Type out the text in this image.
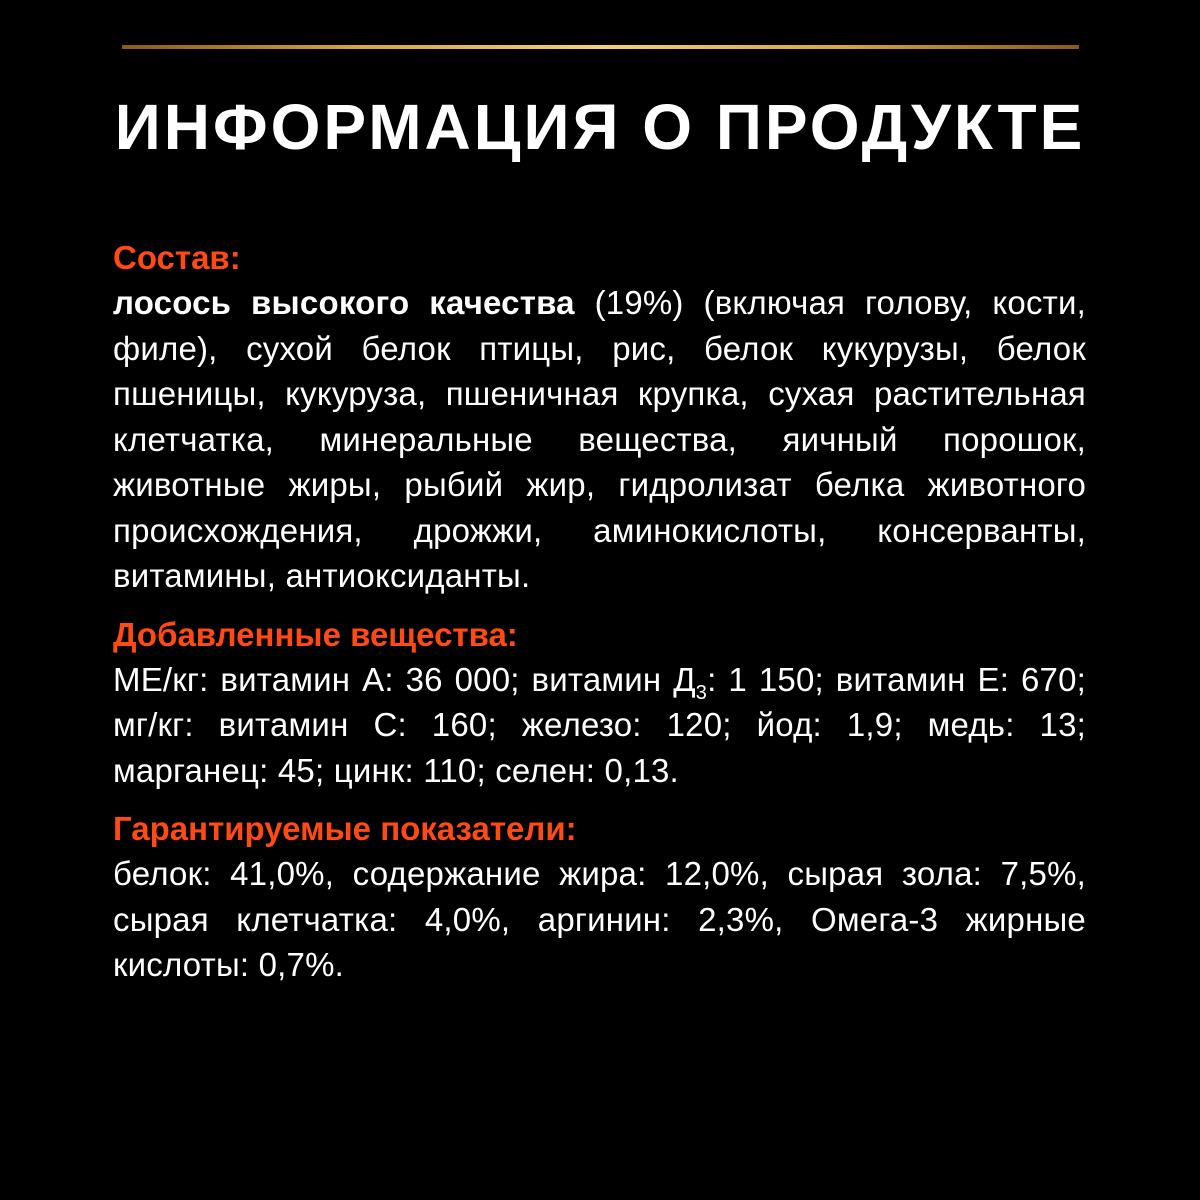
ИНФОРМАЦИЯ О ПРОДУКТЕ

Состав:

лосось высокого качества (19%) (включая голову, кости, филе), сухой белок птицы, рис, белок кукурузы, белок пшеницы, кукуруза, пшеничная крупка, сухая растительная клетчатка, минеральные вещества, яичный порошок, животные жиры, рыбий жир, гидролизат белка животного происхождения, дрожжи, аминокислоты, консерванты, витамины, антиоксиданты.

Добавленные вещества:

МЕ/кг: витамин А: 36 000; витамин $Д_3$: 1 150; витамин Е: 670; мг/кг: витамин С: 160; железо: 120; йод: 1,9; медь: 13; марганец: 45; цинк: 110; селен: 0,13.

Гарантируемые показатели:

белок: 41,0%, содержание жира: 12,0%, сырая зола: 7,5%, сырая клетчатка: 4,0%, аргинин: 2,3%, Омега-3 жирные кислоты: 0,7%.
